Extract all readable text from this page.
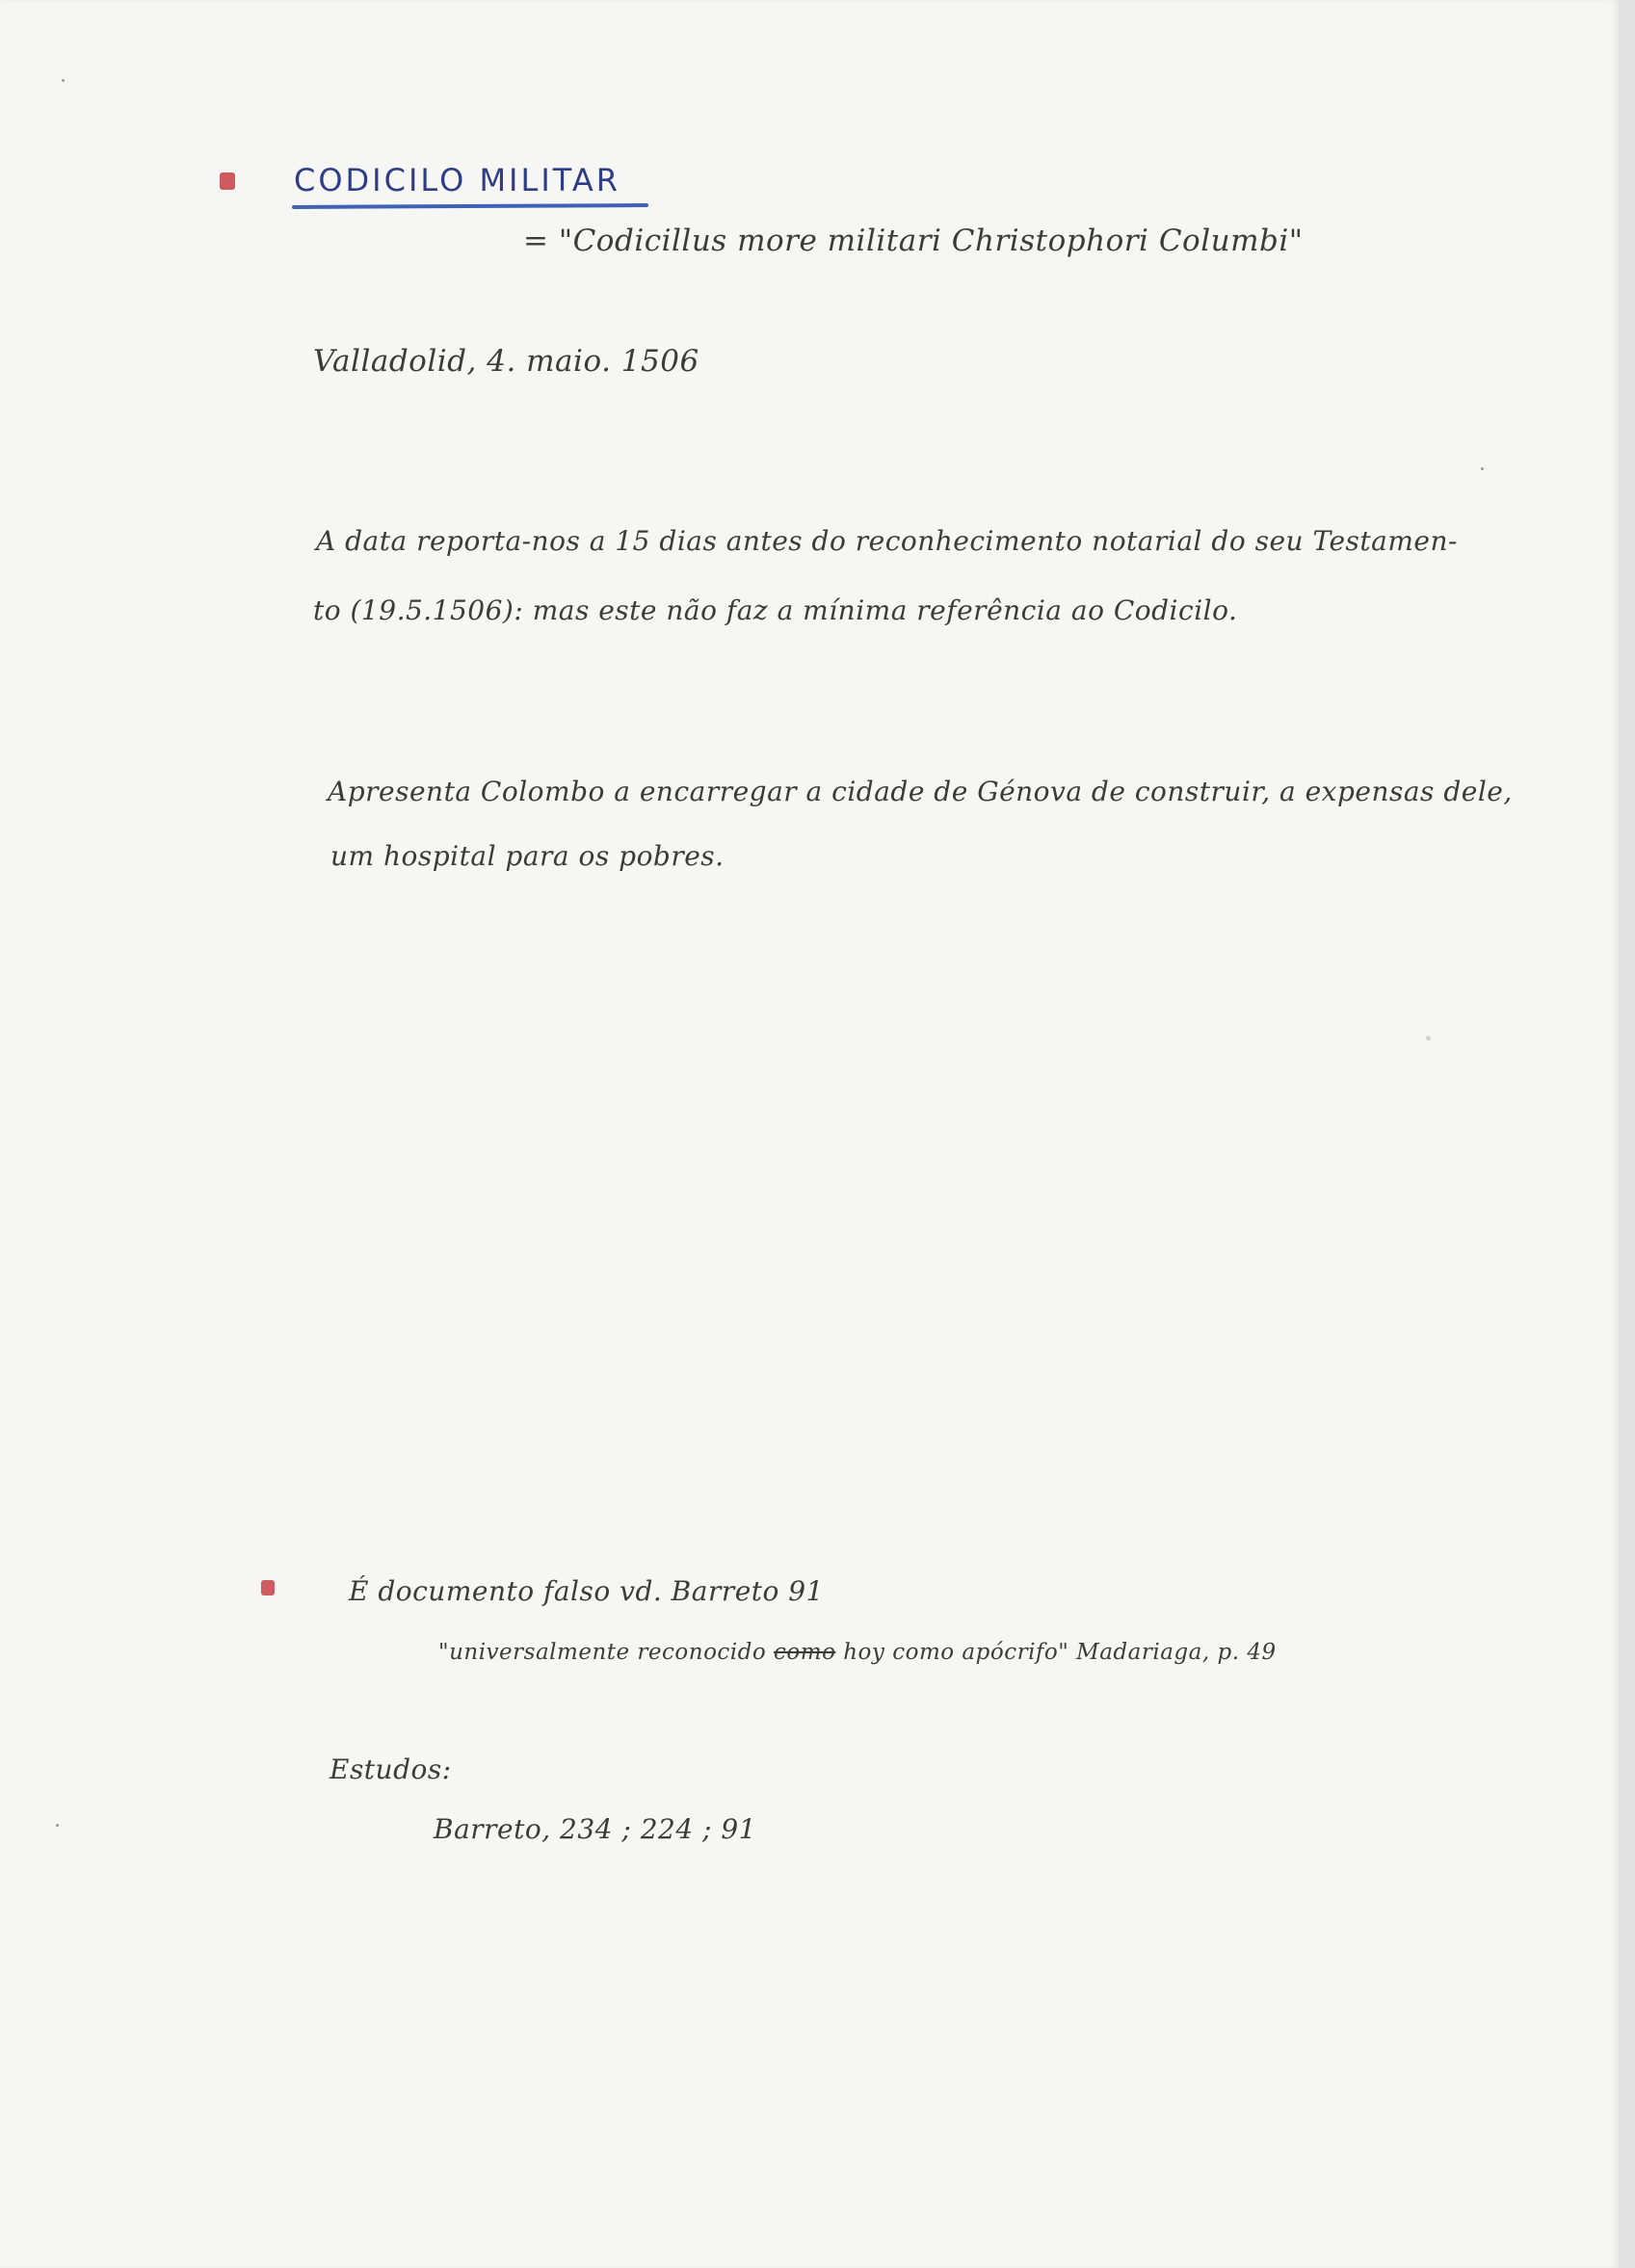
CODICILO MILITAR
= "Codicillus more militari Christophori Columbi"
Valladolid, 4. maio. 1506
A data reporta-nos a 15 dias antes do reconhecimento notarial do seu Testamen-
to (19.5.1506): mas este não faz a mínima referência ao Codicilo.
Apresenta Colombo a encarregar a cidade de Génova de construir, a expensas dele,
um hospital para os pobres.
É documento falso vd. Barreto 91
"universalmente reconocido como hoy como apócrifo" Madariaga, p. 49
Estudos:
Barreto, 234 ; 224 ; 91
